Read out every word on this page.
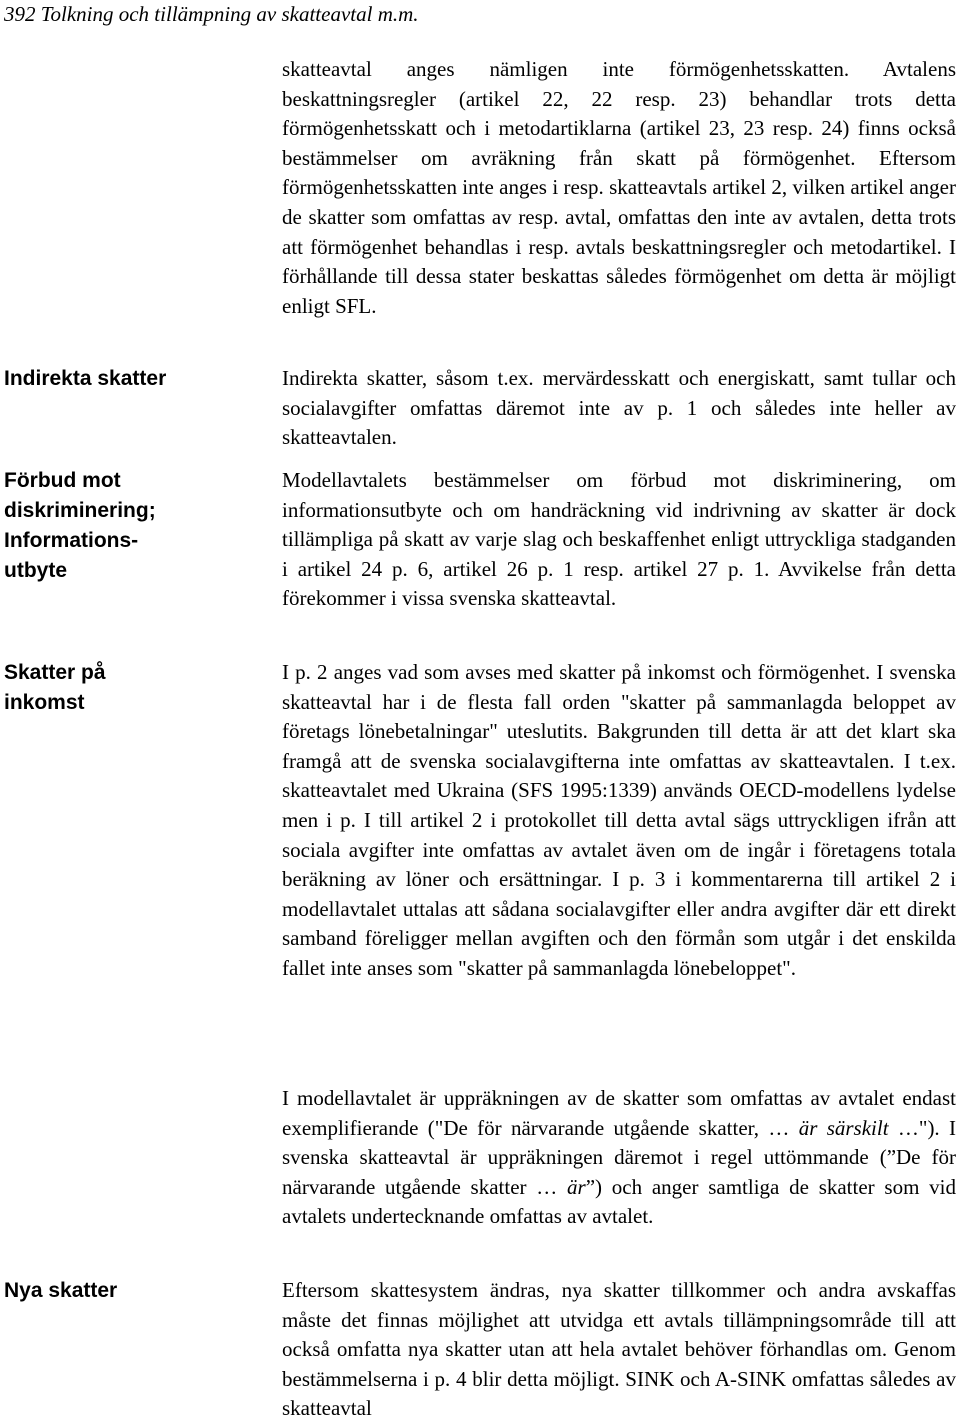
392 Tolkning och tillämpning av skatteavtal m.m.
Indirekta skatter
Förbud mot
diskriminering;
Informations-
utbyte
Skatter på
inkomst
Nya skatter
skatteavtal anges nämligen inte förmögenhetsskatten. Avtalens beskattningsregler (artikel 22, 22 resp. 23) behandlar trots detta förmögenhetsskatt och i metodartiklarna (artikel 23, 23 resp. 24) finns också bestämmelser om avräkning från skatt på förmögenhet. Eftersom förmögenhetsskatten inte anges i resp. skatteavtals artikel 2, vilken artikel anger de skatter som omfattas av resp. avtal, omfattas den inte av avtalen, detta trots att förmögenhet behandlas i resp. avtals beskattningsregler och metodartikel. I förhållande till dessa stater beskattas således förmögenhet om detta är möjligt enligt SFL.
Indirekta skatter, såsom t.ex. mervärdesskatt och energiskatt, samt tullar och socialavgifter omfattas däremot inte av p. 1 och således inte heller av skatteavtalen.
Modellavtalets bestämmelser om förbud mot diskriminering, om informationsutbyte och om handräckning vid indrivning av skatter är dock tillämpliga på skatt av varje slag och beskaffenhet enligt uttryckliga stadganden i artikel 24 p. 6, artikel 26 p. 1 resp. artikel 27 p. 1. Avvikelse från detta förekommer i vissa svenska skatteavtal.
I p. 2 anges vad som avses med skatter på inkomst och förmögenhet. I svenska skatteavtal har i de flesta fall orden "skatter på sammanlagda beloppet av företags lönebetalningar" uteslutits. Bakgrunden till detta är att det klart ska framgå att de svenska socialavgifterna inte omfattas av skatteavtalen. I t.ex. skatteavtalet med Ukraina (SFS 1995:1339) används OECD-modellens lydelse men i p. I till artikel 2 i protokollet till detta avtal sägs uttryckligen ifrån att sociala avgifter inte omfattas av avtalet även om de ingår i företagens totala beräkning av löner och ersättningar. I p. 3 i kommentarerna till artikel 2 i modellavtalet uttalas att sådana socialavgifter eller andra avgifter där ett direkt samband föreligger mellan avgiften och den förmån som utgår i det enskilda fallet inte anses som "skatter på sammanlagda lönebeloppet".
I modellavtalet är uppräkningen av de skatter som omfattas av avtalet endast exemplifierande ("De för närvarande utgående skatter, … är särskilt …"). I svenska skatteavtal är uppräkningen däremot i regel uttömmande (”De för närvarande utgående skatter … är”) och anger samtliga de skatter som vid avtalets undertecknande omfattas av avtalet.
Eftersom skattesystem ändras, nya skatter tillkommer och andra avskaffas måste det finnas möjlighet att utvidga ett avtals tillämpningsområde till att också omfatta nya skatter utan att hela avtalet behöver förhandlas om. Genom bestämmelserna i p. 4 blir detta möjligt. SINK och A-SINK omfattas således av skatteavtal
